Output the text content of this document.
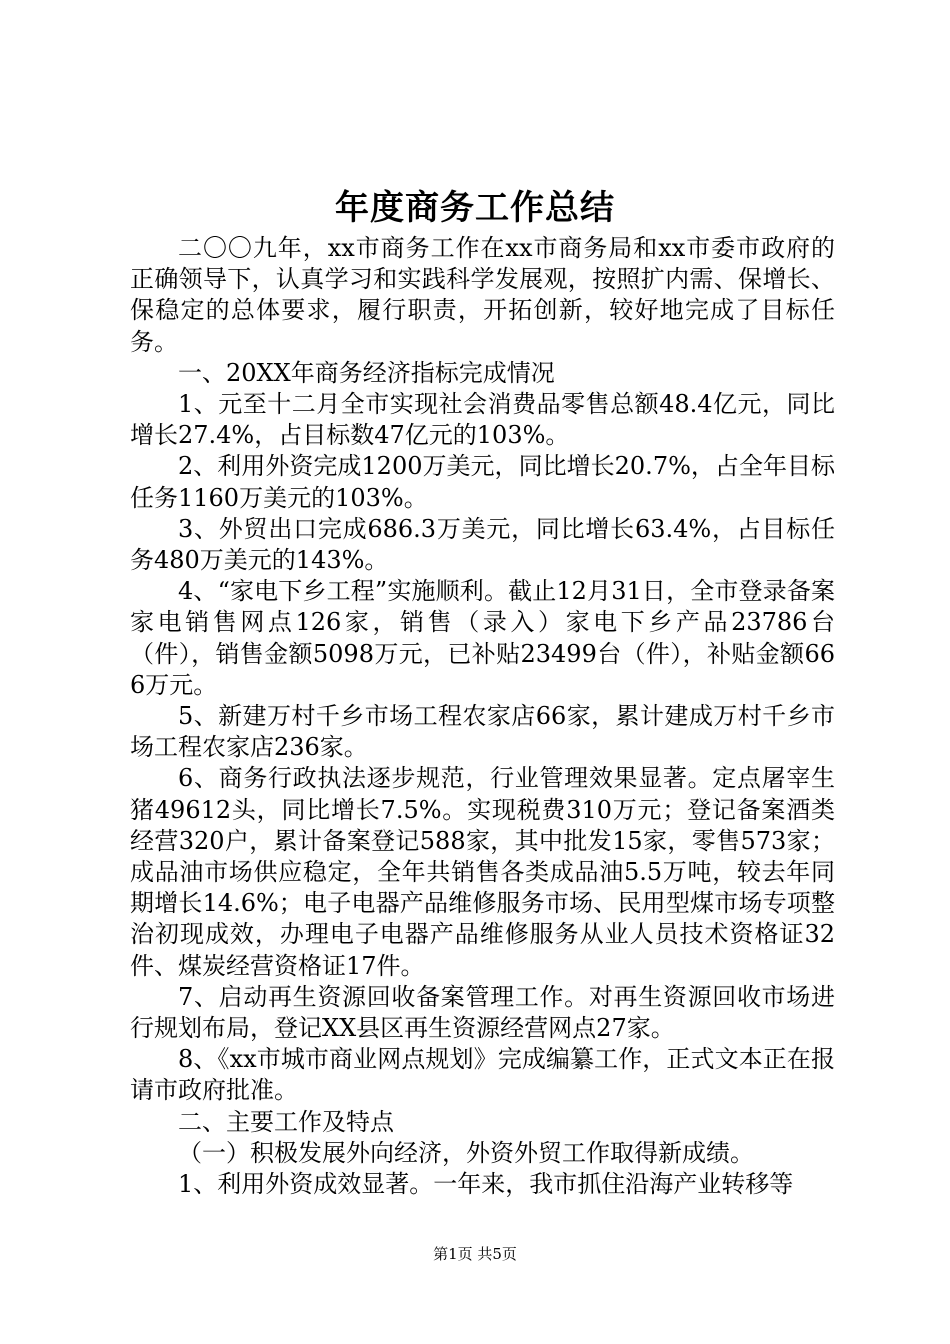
年度商务工作总结

二〇〇九年，xx市商务工作在xx市商务局和xx市委市政府的正确领导下，认真学习和实践科学发展观，按照扩内需、保增长、保稳定的总体要求，履行职责，开拓创新，较好地完成了目标任务。

一、20XX年商务经济指标完成情况

1、元至十二月全市实现社会消费品零售总额48.4亿元，同比增长27.4%，占目标数47亿元的103%。

2、利用外资完成1200万美元，同比增长20.7%，占全年目标任务1160万美元的103%。

3、外贸出口完成686.3万美元，同比增长63.4%，占目标任务480万美元的143%。

4、“家电下乡工程”实施顺利。截止12月31日，全市登录备案家电销售网点126家，销售（录入）家电下乡产品23786台（件），销售金额5098万元，已补贴23499台（件），补贴金额666万元。

5、新建万村千乡市场工程农家店66家，累计建成万村千乡市场工程农家店236家。

6、商务行政执法逐步规范，行业管理效果显著。定点屠宰生猪49612头，同比增长7.5%。实现税费310万元；登记备案酒类经营320户，累计备案登记588家，其中批发15家，零售573家；成品油市场供应稳定，全年共销售各类成品油5.5万吨，较去年同期增长14.6%；电子电器产品维修服务市场、民用型煤市场专项整治初现成效，办理电子电器产品维修服务从业人员技术资格证32件、煤炭经营资格证17件。

7、启动再生资源回收备案管理工作。对再生资源回收市场进行规划布局，登记XX县区再生资源经营网点27家。

8、《xx市城市商业网点规划》完成编纂工作，正式文本正在报请市政府批准。

二、主要工作及特点

（一）积极发展外向经济，外资外贸工作取得新成绩。

1、利用外资成效显著。一年来，我市抓住沿海产业转移等

第1页 共5页
